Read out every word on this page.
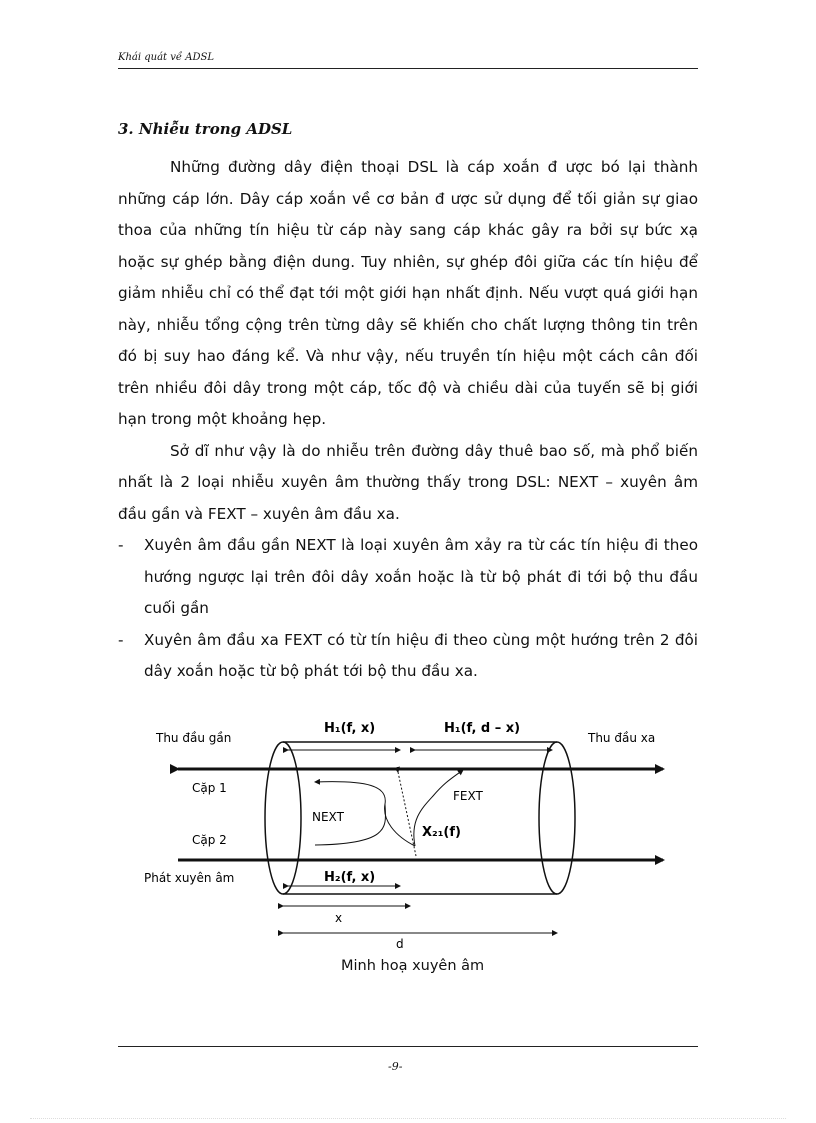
Khái quát về ADSL
3. Nhiễu trong ADSL

Những đường dây điện thoại DSL là cáp xoắn đ ược bó lại thành những cáp lớn. Dây cáp xoắn về cơ bản đ ược sử dụng để tối giản sự giao thoa của những tín hiệu từ cáp này sang cáp khác gây ra bởi sự bức xạ hoặc sự ghép bằng điện dung. Tuy nhiên, sự ghép đôi giữa các tín hiệu để giảm nhiễu chỉ có thể đạt tới một giới hạn nhất định. Nếu vượt quá giới hạn này, nhiễu tổng cộng trên từng dây sẽ khiến cho chất lượng thông tin trên đó bị suy hao đáng kể. Và như vậy, nếu truyền tín hiệu một cách cân đối trên nhiều đôi dây trong một cáp, tốc độ và chiều dài của tuyến sẽ bị giới hạn trong một khoảng hẹp.

Sở dĩ như vậy là do nhiễu trên đường dây thuê bao số, mà phổ biến nhất là 2 loại nhiễu xuyên âm thường thấy trong DSL: NEXT – xuyên âm đầu gần và FEXT – xuyên âm đầu xa.

- Xuyên âm đầu gần NEXT là loại xuyên âm xảy ra từ các tín hiệu đi theo hướng ngược lại trên đôi dây xoắn hoặc là từ bộ phát đi tới bộ thu đầu cuối gần
- Xuyên âm đầu xa FEXT có từ tín hiệu đi theo cùng một hướng trên 2 đôi dây xoắn hoặc từ bộ phát tới bộ thu đầu xa.
Thu đầu gần	Thu đầu xa
Cặp 1
Cặp 2
Phát xuyên âm
H₁(f, x)	H₁(f, d – x)
H₂(f, x)
X₂₁(f)
NEXT
FEXT
x
d
Minh hoạ xuyên âm
-9-
